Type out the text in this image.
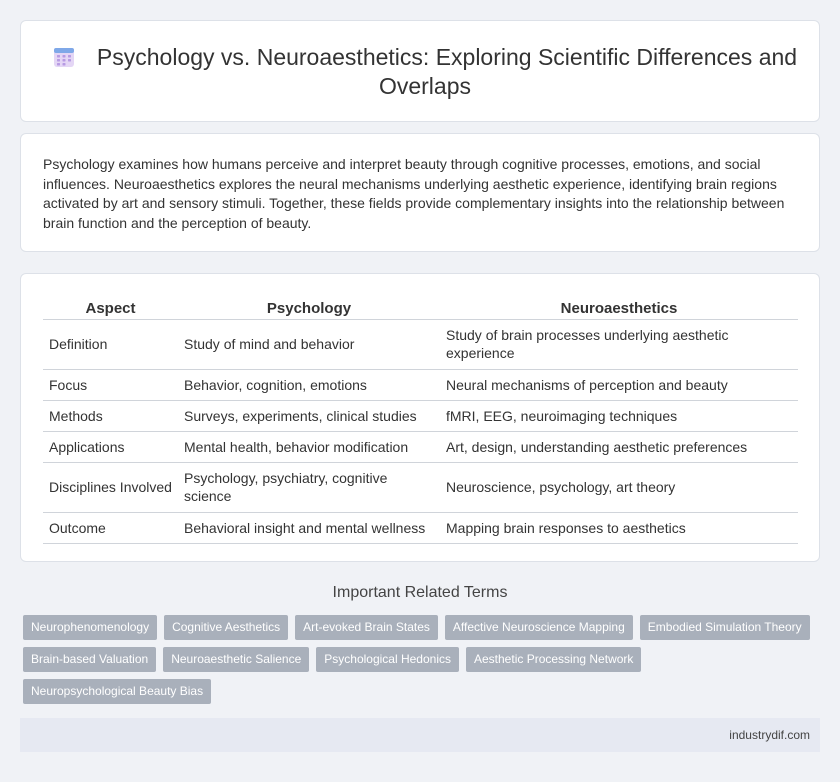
Psychology vs. Neuroaesthetics: Exploring Scientific Differences and Overlaps

Psychology examines how humans perceive and interpret beauty through cognitive processes, emotions, and social influences. Neuroaesthetics explores the neural mechanisms underlying aesthetic experience, identifying brain regions activated by art and sensory stimuli. Together, these fields provide complementary insights into the relationship between brain function and the perception of beauty.

Aspect	Psychology	Neuroaesthetics
Definition	Study of mind and behavior	Study of brain processes underlying aesthetic experience
Focus	Behavior, cognition, emotions	Neural mechanisms of perception and beauty
Methods	Surveys, experiments, clinical studies	fMRI, EEG, neuroimaging techniques
Applications	Mental health, behavior modification	Art, design, understanding aesthetic preferences
Disciplines Involved	Psychology, psychiatry, cognitive science	Neuroscience, psychology, art theory
Outcome	Behavioral insight and mental wellness	Mapping brain responses to aesthetics
Important Related Terms
Neurophenomenology	Cognitive Aesthetics	Art-evoked Brain States	Affective Neuroscience Mapping	Embodied Simulation Theory
Brain-based Valuation	Neuroaesthetic Salience	Psychological Hedonics	Aesthetic Processing Network
Neuropsychological Beauty Bias
industrydif.com
